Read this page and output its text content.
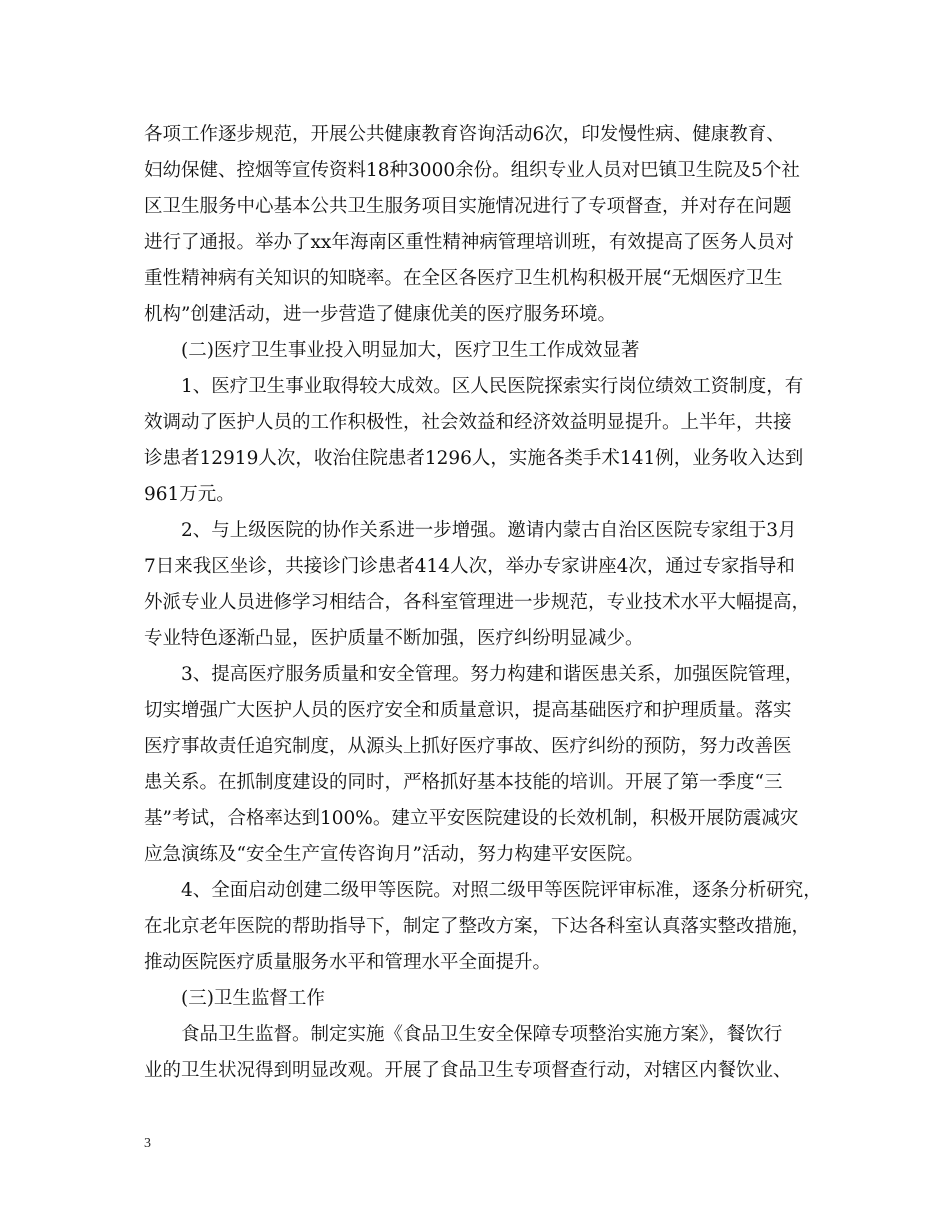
各项工作逐步规范，开展公共健康教育咨询活动6次，印发慢性病、健康教育、
妇幼保健、控烟等宣传资料18种3000余份。组织专业人员对巴镇卫生院及5个社
区卫生服务中心基本公共卫生服务项目实施情况进行了专项督查，并对存在问题
进行了通报。举办了xx年海南区重性精神病管理培训班，有效提高了医务人员对
重性精神病有关知识的知晓率。在全区各医疗卫生机构积极开展“无烟医疗卫生
机构”创建活动，进一步营造了健康优美的医疗服务环境。
(二)医疗卫生事业投入明显加大，医疗卫生工作成效显著
1、医疗卫生事业取得较大成效。区人民医院探索实行岗位绩效工资制度，有
效调动了医护人员的工作积极性，社会效益和经济效益明显提升。上半年，共接
诊患者12919人次，收治住院患者1296人，实施各类手术141例，业务收入达到
961万元。
2、与上级医院的协作关系进一步增强。邀请内蒙古自治区医院专家组于3月
7日来我区坐诊，共接诊门诊患者414人次，举办专家讲座4次，通过专家指导和
外派专业人员进修学习相结合，各科室管理进一步规范，专业技术水平大幅提高，
专业特色逐渐凸显，医护质量不断加强，医疗纠纷明显减少。
3、提高医疗服务质量和安全管理。努力构建和谐医患关系，加强医院管理，
切实增强广大医护人员的医疗安全和质量意识，提高基础医疗和护理质量。落实
医疗事故责任追究制度，从源头上抓好医疗事故、医疗纠纷的预防，努力改善医
患关系。在抓制度建设的同时，严格抓好基本技能的培训。开展了第一季度“三
基”考试，合格率达到100%。建立平安医院建设的长效机制，积极开展防震减灾
应急演练及“安全生产宣传咨询月”活动，努力构建平安医院。
4、全面启动创建二级甲等医院。对照二级甲等医院评审标准，逐条分析研究，
在北京老年医院的帮助指导下，制定了整改方案，下达各科室认真落实整改措施，
推动医院医疗质量服务水平和管理水平全面提升。
(三)卫生监督工作
食品卫生监督。制定实施《食品卫生安全保障专项整治实施方案》，餐饮行
业的卫生状况得到明显改观。开展了食品卫生专项督查行动，对辖区内餐饮业、
3
